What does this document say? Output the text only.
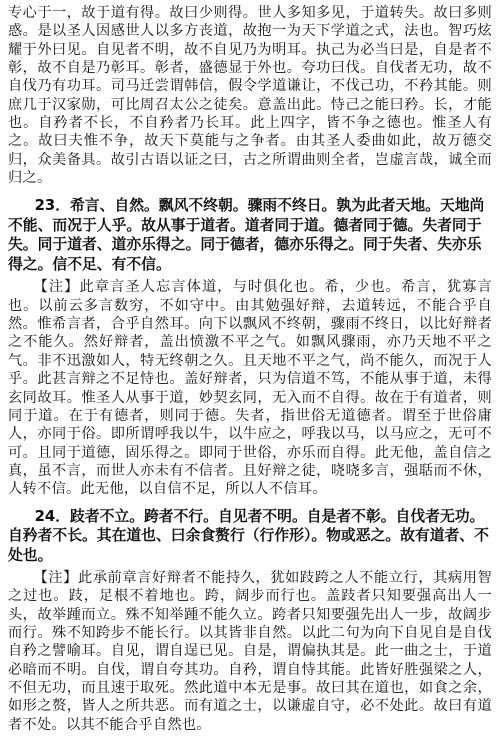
专心于一，故于道有得。故曰少则得。世人多知多见，于道转失。故曰多则惑。是以圣人因感世人以多方丧道，故抱一为天下学道之式，法也。智巧炫耀于外曰见。自见者不明，故不自见乃为明耳。执己为必当曰是，自是者不彰，故不自是乃彰耳。彰者，盛德显于外也。夸功曰伐。自伐者无功，故不自伐乃有功耳。司马迁尝谓韩信，假令学道谦让，不伐己功，不矜其能。则庶几于汉家勋，可比周召太公之徒矣。意盖出此。恃己之能曰矜。长，才能也。自矜者不长，不自矜者乃长耳。此上四字，皆不争之德也。惟圣人有之。故曰夫惟不争，故天下莫能与之争者。由其圣人委曲如此，故万德交归，众美备具。故引古语以证之曰，古之所谓曲则全者，岂虚言哉，诚全而归之。

23．希言、自然。飘风不终朝。骤雨不终日。孰为此者天地。天地尚不能、而况于人乎。故从事于道者。道者同于道。德者同于德。失者同于失。同于道者、道亦乐得之。同于德者，德亦乐得之。同于失者、失亦乐得之。信不足、有不信。

【注】此章言圣人忘言体道，与时俱化也。希，少也。希言，犹寡言也。以前云多言数穷，不如守中。由其勉强好辩，去道转远，不能合乎自然。惟希言者，合乎自然耳。向下以飘风不终朝，骤雨不终日，以比好辩者之不能久。然好辩者，盖出愤激不平之气。如飘风骤雨，亦乃天地不平之气。非不迅激如人，特无终朝之久。且天地不平之气，尚不能久，而况于人乎。此甚言辩之不足恃也。盖好辩者，只为信道不笃，不能从事于道，未得玄同故耳。惟圣人从事于道，妙契玄同，无入而不自得。故在于有道者，则同于道。在于有德者，则同于德。失者，指世俗无道德者。谓至于世俗庸人，亦同于俗。即所谓呼我以牛，以牛应之，呼我以马，以马应之，无可不可。且同于道德，固乐得之。即同于世俗，亦乐而自得。此无他，盖自信之真，虽不言，而世人亦未有不信者。且好辩之徒，哓哓多言，强聒而不休，人转不信。此无他，以自信不足，所以人不信耳。

24．跂者不立。跨者不行。自见者不明。自是者不彰。自伐者无功。自矜者不长。其在道也、曰余食赘行（行作形）。物或恶之。故有道者、不处也。

【注】此承前章言好辩者不能持久，犹如跂跨之人不能立行，其病用智之过也。跂，足根不着地也。跨，阔步而行也。盖跂者只知要强高出人一头，故举踵而立。殊不知举踵不能久立。跨者只知要强先出人一步，故阔步而行。殊不知跨步不能长行。以其皆非自然。以此二句为向下自见自是自伐自矜之譬喻耳。自见，谓自逞已见。自是，谓偏执其是。此一曲之士，于道必暗而不明。自伐，谓自夸其功。自矜，谓自恃其能。此皆好胜强梁之人，不但无功，而且速于取死。然此道中本无是事。故曰其在道也，如食之余，如形之赘，皆人之所共恶。而有道之士，以谦虚自守，必不处此。故曰有道者不处。以其不能合乎自然也。
